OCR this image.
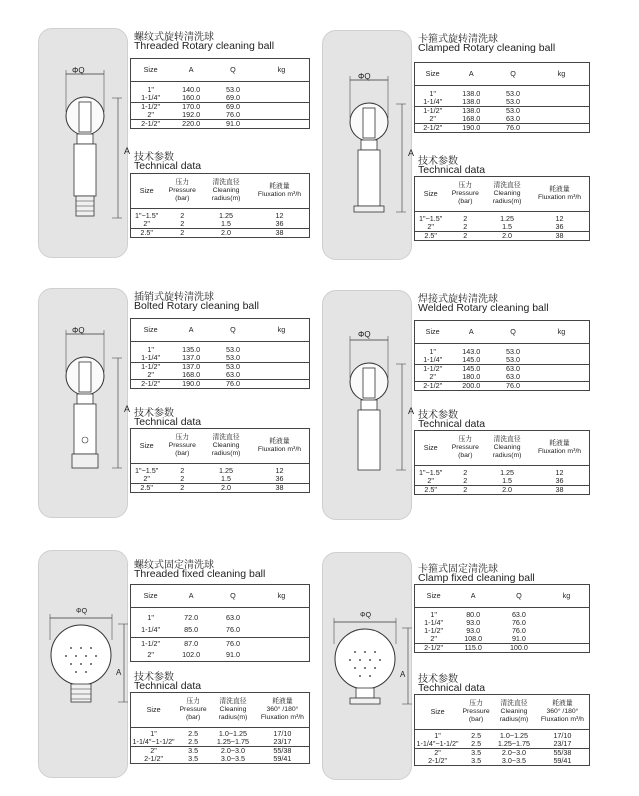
ΦQ
A
螺纹式旋转清洗球
Threaded Rotary cleaning ball
Size	A	Q	kg

1"	140.0	53.0	
1-1/4"	160.0	69.0	
1-1/2"	170.0	69.0	
2"	192.0	76.0	
2-1/2"	220.0	91.0	
技术参数
Technical data
Size	压力
Pressure
(bar)	清洗直径
Cleaning
radius(m)	耗液量
Fluxation m³/h

1"~1.5"	2	1.25	12
2"	2	1.5	36
2.5"	2	2.0	38
ΦQ
A
卡箍式旋转清洗球
Clamped Rotary cleaning ball
Size	A	Q	kg

1"	138.0	53.0	
1-1/4"	138.0	53.0	
1-1/2"	138.0	53.0	
2"	168.0	63.0	
2-1/2"	190.0	76.0	
技术参数
Technical data
Size	压力
Pressure
(bar)	清洗直径
Cleaning
radius(m)	耗液量
Fluxation m³/h

1"~1.5"	2	1.25	12
2"	2	1.5	36
2.5"	2	2.0	38
ΦQ
A
插销式旋转清洗球
Bolted Rotary cleaning ball
Size	A	Q	kg

1"	135.0	53.0	
1-1/4"	137.0	53.0	
1-1/2"	137.0	53.0	
2"	168.0	63.0	
2-1/2"	190.0	76.0	
技术参数
Technical data
Size	压力
Pressure
(bar)	清洗直径
Cleaning
radius(m)	耗液量
Fluxation m³/h

1"~1.5"	2	1.25	12
2"	2	1.5	36
2.5"	2	2.0	38
ΦQ
A
焊接式旋转清洗球
Welded Rotary cleaning ball
Size	A	Q	kg

1"	143.0	53.0	
1-1/4"	145.0	53.0	
1-1/2"	145.0	63.0	
2"	180.0	63.0	
2-1/2"	200.0	76.0	
技术参数
Technical data
Size	压力
Pressure
(bar)	清洗直径
Cleaning
radius(m)	耗液量
Fluxation m³/h

1"~1.5"	2	1.25	12
2"	2	1.5	36
2.5"	2	2.0	38
ΦQ
A
螺纹式固定清洗球
Threaded fixed cleaning ball
Size	A	Q	kg

1"	72.0	63.0	
1-1/4"	85.0	76.0	
1-1/2"	87.0	76.0	
2"	102.0	91.0	
技术参数
Technical data
Size	压力
Pressure
(bar)	清洗直径
Cleaning
radius(m)	耗液量
360° /180°
Fluxation m³/h

1"	2.5	1.0~1.25	17/10
1-1/4"~1-1/2"	2.5	1.25~1.75	23/17
2"	3.5	2.0~3.0	55/38
2-1/2"	3.5	3.0~3.5	59/41
ΦQ
A
卡箍式固定清洗球
Clamp fixed cleaning ball
Size	A	Q	kg

1"	80.0	63.0	
1-1/4"	93.0	76.0	
1-1/2"	93.0	76.0	
2"	108.0	91.0	
2-1/2"	115.0	100.0	
技术参数
Technical data
Size	压力
Pressure
(bar)	清洗直径
Cleaning
radius(m)	耗液量
360° /180°
Fluxation m³/h

1"	2.5	1.0~1.25	17/10
1-1/4"~1-1/2"	2.5	1.25~1.75	23/17
2"	3.5	2.0~3.0	55/38
2-1/2"	3.5	3.0~3.5	59/41
